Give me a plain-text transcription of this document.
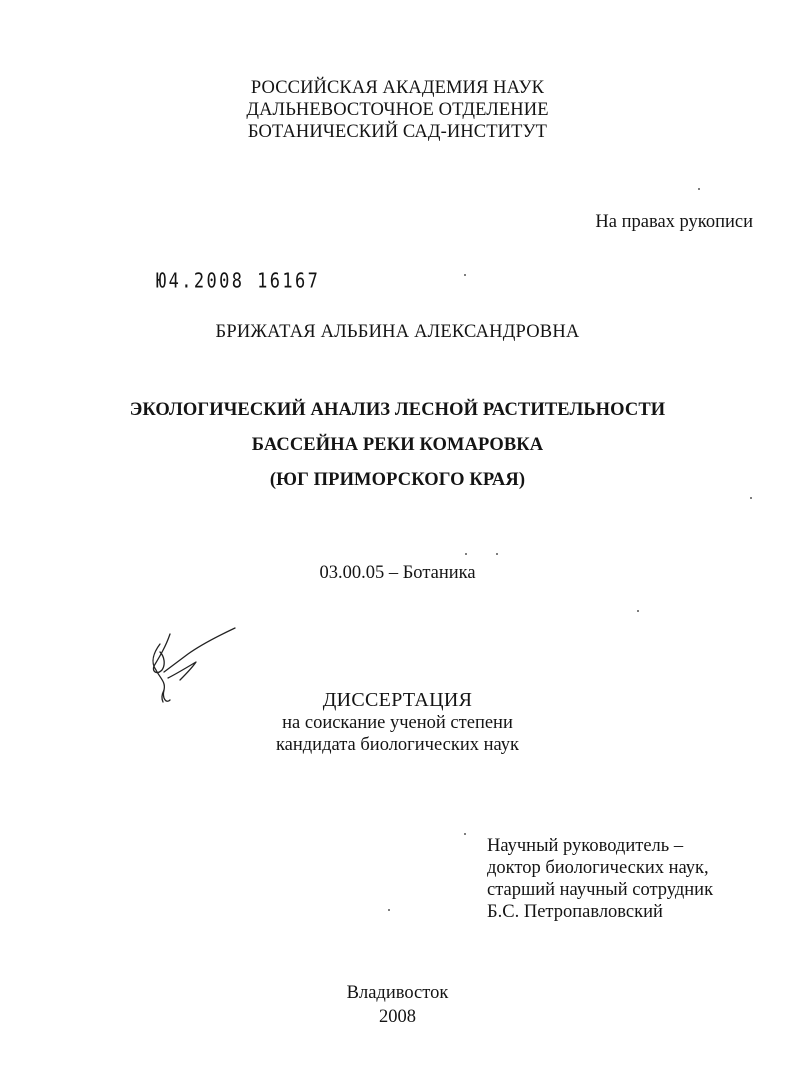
РОССИЙСКАЯ АКАДЕМИЯ НАУК
ДАЛЬНЕВОСТОЧНОЕ ОТДЕЛЕНИЕ
БОТАНИЧЕСКИЙ САД-ИНСТИТУТ
На правах рукописи
Ю4.2008 16167
БРИЖАТАЯ АЛЬБИНА АЛЕКСАНДРОВНА
ЭКОЛОГИЧЕСКИЙ АНАЛИЗ ЛЕСНОЙ РАСТИТЕЛЬНОСТИ
БАССЕЙНА РЕКИ КОМАРОВКА
(ЮГ ПРИМОРСКОГО КРАЯ)
03.00.05 – Ботаника
ДИССЕРТАЦИЯ
на соискание ученой степени
кандидата биологических наук
Научный руководитель –
доктор биологических наук,
старший научный сотрудник
Б.С. Петропавловский
Владивосток
2008
